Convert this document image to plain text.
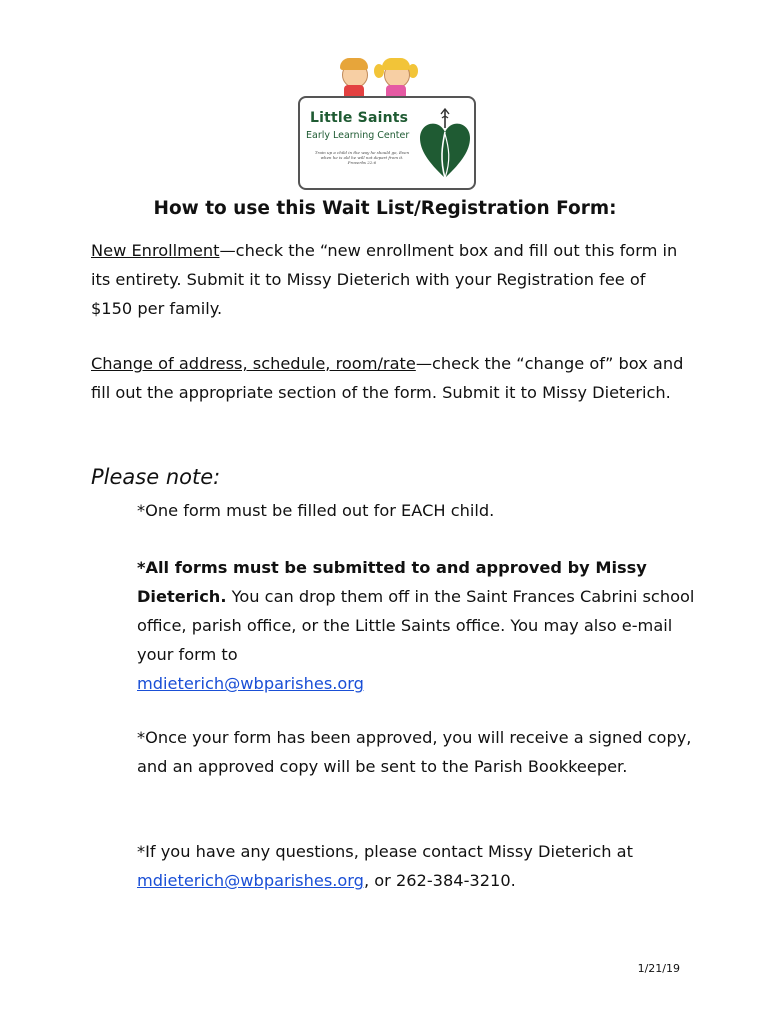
Little Saints
Early Learning Center
Train up a child in the way he should go, Even when he is old he will not depart from it. Proverbs 22:6
How to use this Wait List/Registration Form:
New Enrollment—check the “new enrollment box and fill out this form in its entirety. Submit it to Missy Dieterich with your Registration fee of $150 per family.
Change of address, schedule, room/rate—check the “change of” box and fill out the appropriate section of the form. Submit it to Missy Dieterich.
Please note:
*One form must be filled out for EACH child.
*All forms must be submitted to and approved by Missy Dieterich. You can drop them off in the Saint Frances Cabrini school office, parish office, or the Little Saints office. You may also e-mail your form to
mdieterich@wbparishes.org
*Once your form has been approved, you will receive a signed copy, and an approved copy will be sent to the Parish Bookkeeper.
*If you have any questions, please contact Missy Dieterich at mdieterich@wbparishes.org, or 262-384-3210.
1/21/19
